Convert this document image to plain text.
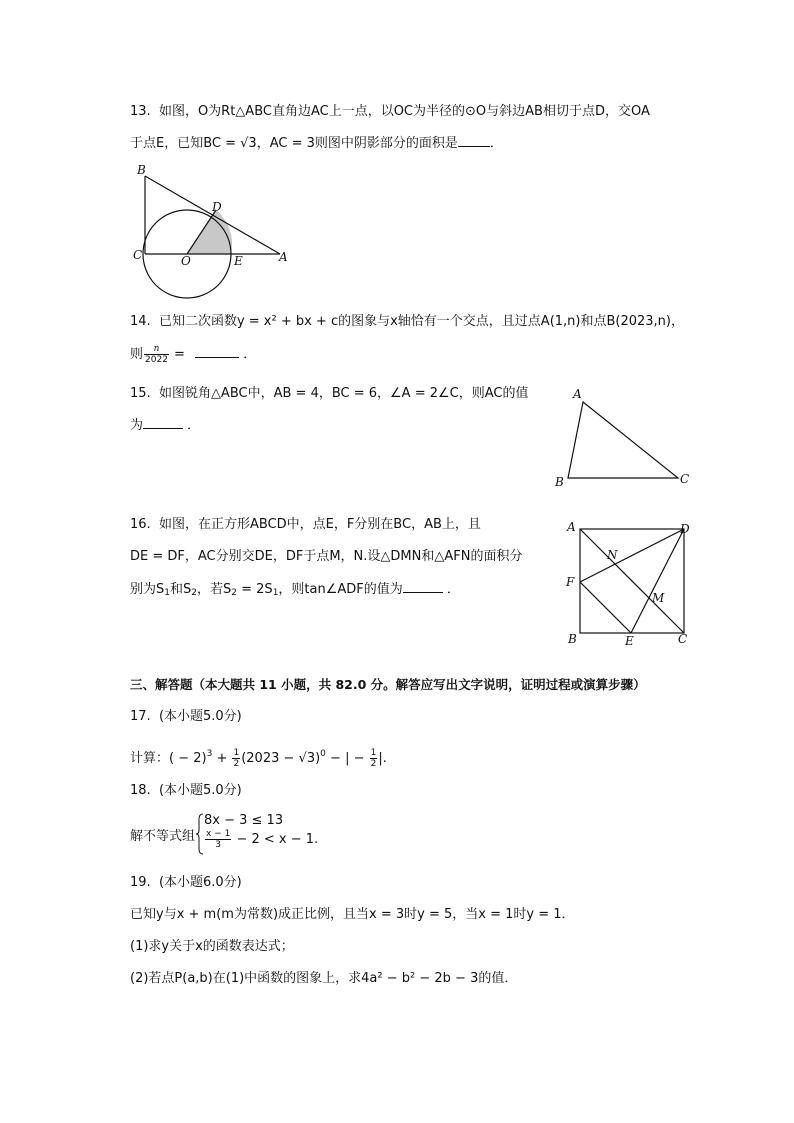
13.  如图，O为Rt△ABC直角边AC上一点，以OC为半径的⊙O与斜边AB相切于点D，交OA
于点E，已知BC = √3，AC = 3则图中阴影部分的面积是 ．
B
C	O
D
E	A
14.  已知二次函数y = x² + bx + c的图象与x轴恰有一个交点，且过点A(1,n)和点B(2023,n)，
则 $\frac{n}{2022}$ =	．
15.  如图锐角△ABC中，AB = 4，BC = 6，∠A = 2∠C，则AC的值
为	．
A
B	C
16.  如图，在正方形ABCD中，点E，F分别在BC，AB上，且
DE = DF，AC分别交DE，DF于点M，N.设△DMN和△AFN的面积分
别为$S_1$和$S_2$，若$S_2 = 2S_1$，则tan∠ADF的值为	．
A	D
N
F
M
B	E	C
三、解答题（本大题共 11 小题，共 82.0 分。解答应写出文字说明，证明过程或演算步骤）
17.  (本小题5.0分)
计算：( − $2)^3 + \frac{1}{2} (2023 - √3)^0$ − | − $\frac{1}{2}$ |.
18.  (本小题5.0分)
解不等式组
8x − 3 ≤ 13
$\frac{x - 1}{3} - 2 < x - 1$.
19.  (本小题6.0分)
已知y与x + m(m为常数)成正比例，且当x = 3时y = 5，当x = 1时y = 1．
(1)求y关于x的函数表达式；
(2)若点P(a,b)在(1)中函数的图象上，求4a² − b² − 2b − 3的值．
